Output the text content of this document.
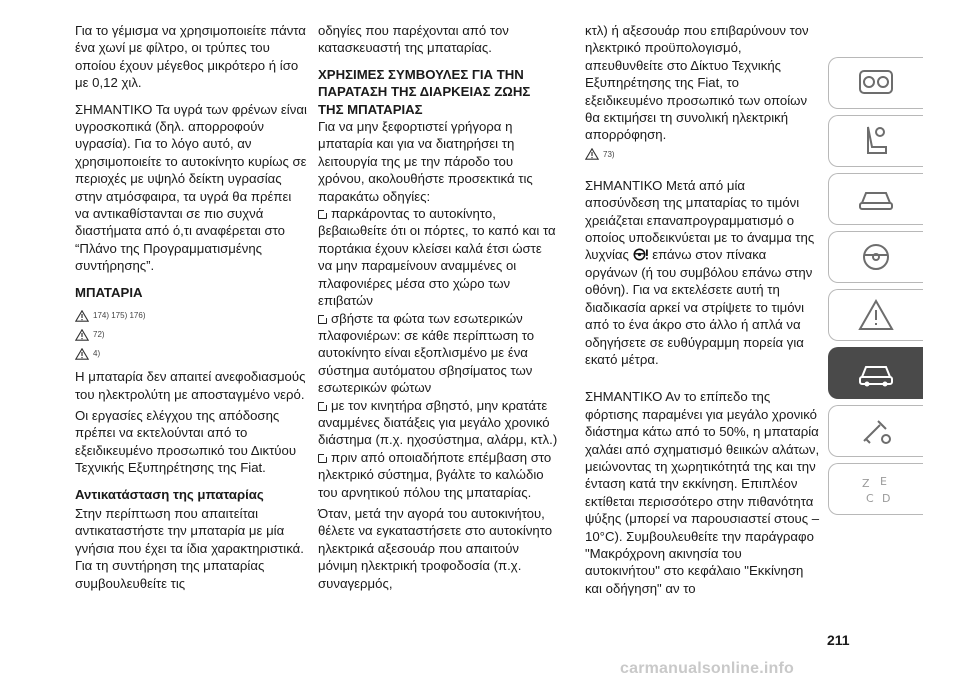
Για το γέμισμα να χρησιμοποιείτε πάντα ένα χωνί με φίλτρο, οι τρύπες του οποίου έχουν μέγεθος μικρότερο ή ίσο με 0,12 χιλ.

ΣΗΜΑΝΤΙΚΟ Τα υγρά των φρένων είναι υγροσκοπικά (δηλ. απορροφούν υγρασία). Για το λόγο αυτό, αν χρησιμοποιείτε το αυτοκίνητο κυρίως σε περιοχές με υψηλό δείκτη υγρασίας στην ατμόσφαιρα, τα υγρά θα πρέπει να αντικαθίστανται σε πιο συχνά διαστήματα από ό,τι αναφέρεται στο “Πλάνο της Προγραμματισμένης συντήρησης”.

ΜΠΑΤΑΡΙΑ
174) 175) 176)
72)
4)

Η μπαταρία δεν απαιτεί ανεφοδιασμούς του ηλεκτρολύτη με αποσταγμένο νερό.

Οι εργασίες ελέγχου της απόδοσης πρέπει να εκτελούνται από το εξειδικευμένο προσωπικό του Δικτύου Τεχνικής Εξυπηρέτησης της Fiat.

Αντικατάσταση της μπαταρίας

Στην περίπτωση που απαιτείται αντικαταστήστε την μπαταρία με μία γνήσια που έχει τα ίδια χαρακτηριστικά. Για τη συντήρηση της μπαταρίας συμβουλευθείτε τις

οδηγίες που παρέχονται από τον κατασκευαστή της μπαταρίας.

ΧΡΗΣΙΜΕΣ ΣΥΜΒΟΥΛΕΣ ΓΙΑ ΤΗΝ ΠΑΡΑΤΑΣΗ ΤΗΣ ΔΙΑΡΚΕΙΑΣ ΖΩΗΣ ΤΗΣ ΜΠΑΤΑΡΙΑΣ

Για να μην ξεφορτιστεί γρήγορα η μπαταρία και για να διατηρήσει τη λειτουργία της με την πάροδο του χρόνου, ακολουθήστε προσεκτικά τις παρακάτω οδηγίες:

παρκάροντας το αυτοκίνητο, βεβαιωθείτε ότι οι πόρτες, το καπό και τα πορτάκια έχουν κλείσει καλά έτσι ώστε να μην παραμείνουν αναμμένες οι πλαφονιέρες μέσα στο χώρο των επιβατών
σβήστε τα φώτα των εσωτερικών πλαφονιέρων: σε κάθε περίπτωση το αυτοκίνητο είναι εξοπλισμένο με ένα σύστημα αυτόματου σβησίματος των εσωτερικών φώτων
με τον κινητήρα σβηστό, μην κρατάτε αναμμένες διατάξεις για μεγάλο χρονικό διάστημα (π.χ. ηχοσύστημα, αλάρμ, κτλ.)
πριν από οποιαδήποτε επέμβαση στο ηλεκτρικό σύστημα, βγάλτε το καλώδιο του αρνητικού πόλου της μπαταρίας.

Όταν, μετά την αγορά του αυτοκινήτου, θέλετε να εγκαταστήσετε στο αυτοκίνητο ηλεκτρικά αξεσουάρ που απαιτούν μόνιμη ηλεκτρική τροφοδοσία (π.χ. συναγερμός,

κτλ) ή αξεσουάρ που επιβαρύνουν τον ηλεκτρικό προϋπολογισμό, απευθυνθείτε στο Δίκτυο Τεχνικής Εξυπηρέτησης της Fiat, το εξειδικευμένο προσωπικό των οποίων θα εκτιμήσει τη συνολική ηλεκτρική απορρόφηση.

73)

ΣΗΜΑΝΤΙΚΟ Μετά από μία αποσύνδεση της μπαταρίας το τιμόνι χρειάζεται επαναπρογραμματισμό ο οποίος υποδεικνύεται με το άναμμα της λυχνίας επάνω στον πίνακα οργάνων (ή του συμβόλου επάνω στην οθόνη). Για να εκτελέσετε αυτή τη διαδικασία αρκεί να στρίψετε το τιμόνι από το ένα άκρο στο άλλο ή απλά να οδηγήσετε σε ευθύγραμμη πορεία για εκατό μέτρα.

ΣΗΜΑΝΤΙΚΟ Αν το επίπεδο της φόρτισης παραμένει για μεγάλο χρονικό διάστημα κάτω από το 50%, η μπαταρία χαλάει από σχηματισμό θειικών αλάτων, μειώνοντας τη χωρητικότητά της και την ένταση κατά την εκκίνηση. Επιπλέον εκτίθεται περισσότερο στην πιθανότητα ψύξης (μπορεί να παρουσιαστεί στους –10°C). Συμβουλευθείτε την παράγραφο "Μακρόχρονη ακινησία του αυτοκινήτου" στο κεφάλαιο "Εκκίνηση και οδήγηση" αν το

Z E
C D
211
carmanualsonline.info
